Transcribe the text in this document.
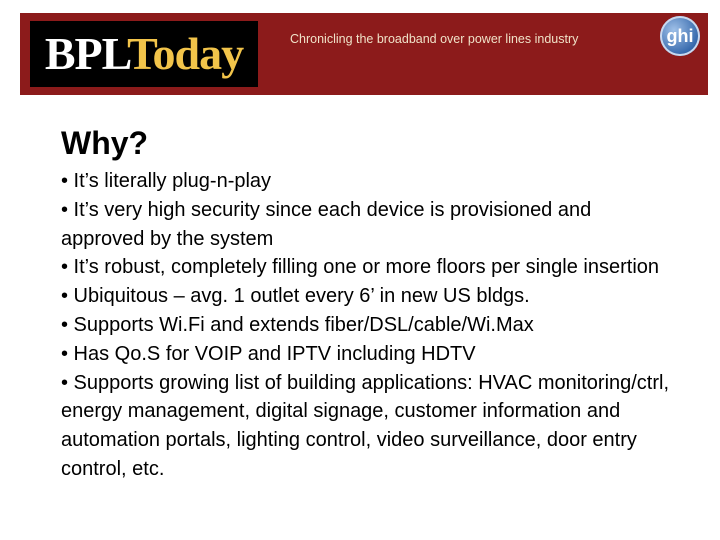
BPLToday	Chronicling the broadband over power lines industry	ghi
Why?
• It’s literally plug-n-play
• It’s very high security since each device is provisioned and approved by the system
• It’s robust, completely filling one or more floors per single insertion
• Ubiquitous – avg. 1 outlet every 6’ in new US bldgs.
• Supports Wi.Fi and extends fiber/DSL/cable/Wi.Max
• Has Qo.S for VOIP and IPTV including HDTV
• Supports growing list of building applications: HVAC monitoring/ctrl, energy management, digital signage, customer information and automation portals, lighting control, video surveillance, door entry control, etc.
